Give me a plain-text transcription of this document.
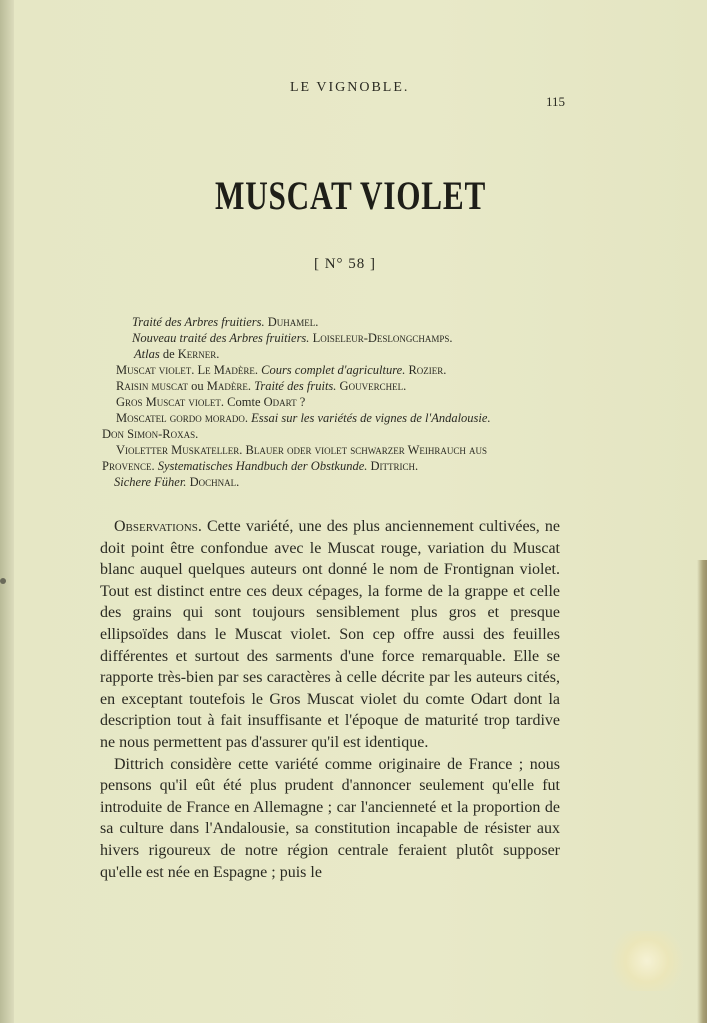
LE VIGNOBLE.
115
MUSCAT VIOLET
[ N° 58 ]
Traité des Arbres fruitiers. Duhamel.
Nouveau traité des Arbres fruitiers. Loiseleur-Deslongchamps.
Atlas de Kerner.
Muscat violet. Le Madère. Cours complet d'agriculture. Rozier.
Raisin muscat ou Madère. Traité des fruits. Gouverchel.
Gros Muscat violet. Comte Odart ?
Moscatel gordo morado. Essai sur les variétés de vignes de l'Andalousie.
Don Simon-Roxas.
Violetter Muskateller. Blauer oder violet schwarzer Weihrauch aus
Provence. Systematisches Handbuch der Obstkunde. Dittrich.
Sichere Füher. Dochnal.

Observations. Cette variété, une des plus anciennement cultivées, ne doit point être confondue avec le Muscat rouge, variation du Muscat blanc auquel quelques auteurs ont donné le nom de Frontignan violet. Tout est distinct entre ces deux cépages, la forme de la grappe et celle des grains qui sont toujours sensiblement plus gros et presque ellipsoïdes dans le Muscat violet. Son cep offre aussi des feuilles différentes et surtout des sarments d'une force remarquable. Elle se rapporte très-bien par ses caractères à celle décrite par les auteurs cités, en exceptant toutefois le Gros Muscat violet du comte Odart dont la description tout à fait insuffisante et l'époque de maturité trop tardive ne nous permettent pas d'assurer qu'il est identique.

Dittrich considère cette variété comme originaire de France ; nous pensons qu'il eût été plus prudent d'annoncer seulement qu'elle fut introduite de France en Allemagne ; car l'ancienneté et la proportion de sa culture dans l'Andalousie, sa constitution incapable de résister aux hivers rigoureux de notre région centrale feraient plutôt supposer qu'elle est née en Espagne ; puis le
